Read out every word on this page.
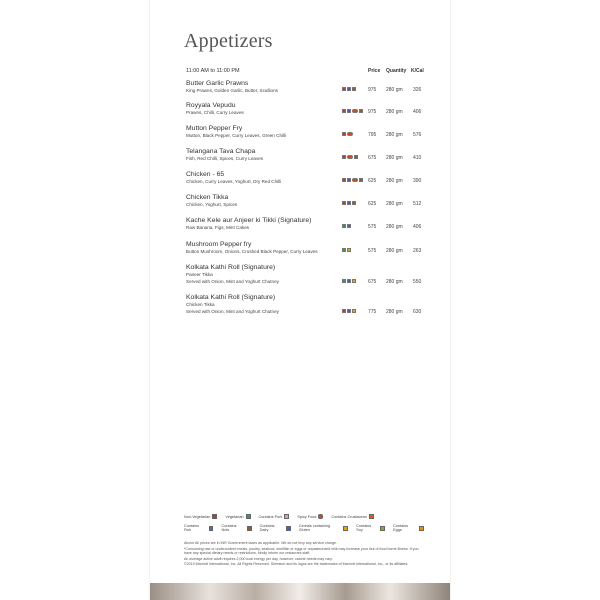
Appetizers
11:00 AM to 11:00 PM	Price Quantity K/Cal
Butter Garlic Prawns
King Prawns, Golden Garlic, Butter, Scallions	975 280 gm 326
Royyala Vepudu
Prawns, Chilli, Curry Leaves	975 280 gm 406
Mutton Pepper Fry
Mutton, Black Pepper, Curry Leaves, Green Chilli	795 280 gm 576
Telangana Tava Chapa
Fish, Red Chilli, Spices, Curry Leaves	675 280 gm 410
Chicken - 65
Chicken, Curry Leaves, Yoghurt, Dry Red Chilli	625 280 gm 390
Chicken Tikka
Chicken, Yoghurt, Spices	625 280 gm 512
Kache Kele aur Anjeer ki Tikki (Signature)
Raw Banana, Figs, Mint Cakes	575 280 gm 406
Mushroom Pepper fry
Button Mushroom, Onions, Crushed Black Pepper, Curry Leaves	575 280 gm 263
Kolkata Kathi Roll (Signature)
Paneer Tikka
Served with Onion, Mint and Yoghurt Chutney	675 280 gm 550
Kolkata Kathi Roll (Signature)
Chicken Tikka
Served with Onion, Mint and Yoghurt Chutney	775 280 gm 630
Non-Vegetarian	Vegetarian	Contains Pork	Spicy Food	Contains Crustacean
Contains Fish
Contains Nuts
Contains Dairy
Cereals containing Gluten
Contains Soy
Contains Eggs

Above All prices are in INR Government taxes as applicable. We do not levy any service charge.

*Consuming raw or undercooked meats, poultry, seafood, shellfish or eggs or unpasteurized milk may increase your risk of food borne illness. If you have any special dietary needs or restrictions, kindly inform our restaurant staff.

An average active adult requires 2,000 kcal energy per day, however, calorie needs may vary.

©2019 Marriott International, Inc. All Rights Reserved. Sheraton and its logos are the trademarks of Marriott International, Inc., or its affiliates.
